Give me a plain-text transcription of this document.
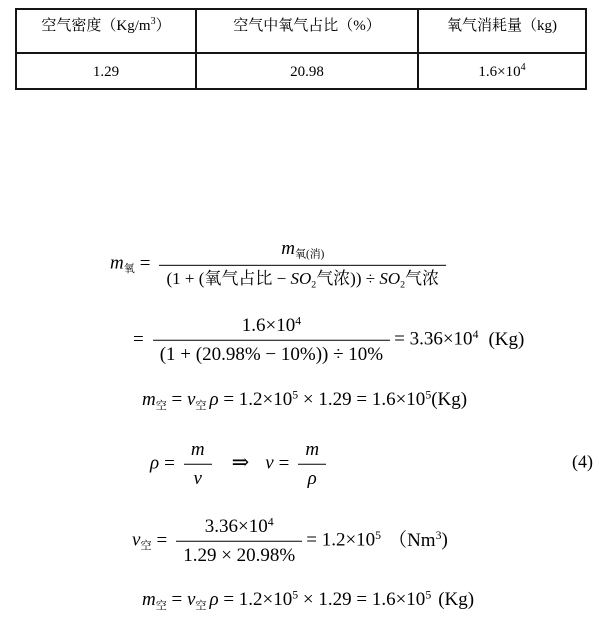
空气密度$(Kg/m^3)$	空气中氧气占比（%）	氧气消耗量（kg)
1.29	20.98	$1.6\times 10^4$
$m_氧 = \frac{m_{氧(消)}}{(1 + (氧气占比 - SO_2气浓)) \div SO_2气浓}$
= $\frac{1.6\times 10^4}{(1 + (20.98\% - 10\%)) \div 10\%} = 3.36\times 10^4$ (Kg)
$m_空 = v_空$ $\rho = 1.2\times 10^5 \times 1.29 = 1.6\times 10^5(Kg)$
$\rho = \frac{m}{v}$ ⇒ $v = \frac{m}{\rho}$	(4)
$v_空 = \frac{3.36\times 10^4}{1.29 \times 20.98\%} = 1.2\times 10^5$ （Nm$^3$)
$m_空 = v_空$ $\rho = 1.2\times 10^5 \times 1.29 = 1.6\times 10^5$ (Kg)
